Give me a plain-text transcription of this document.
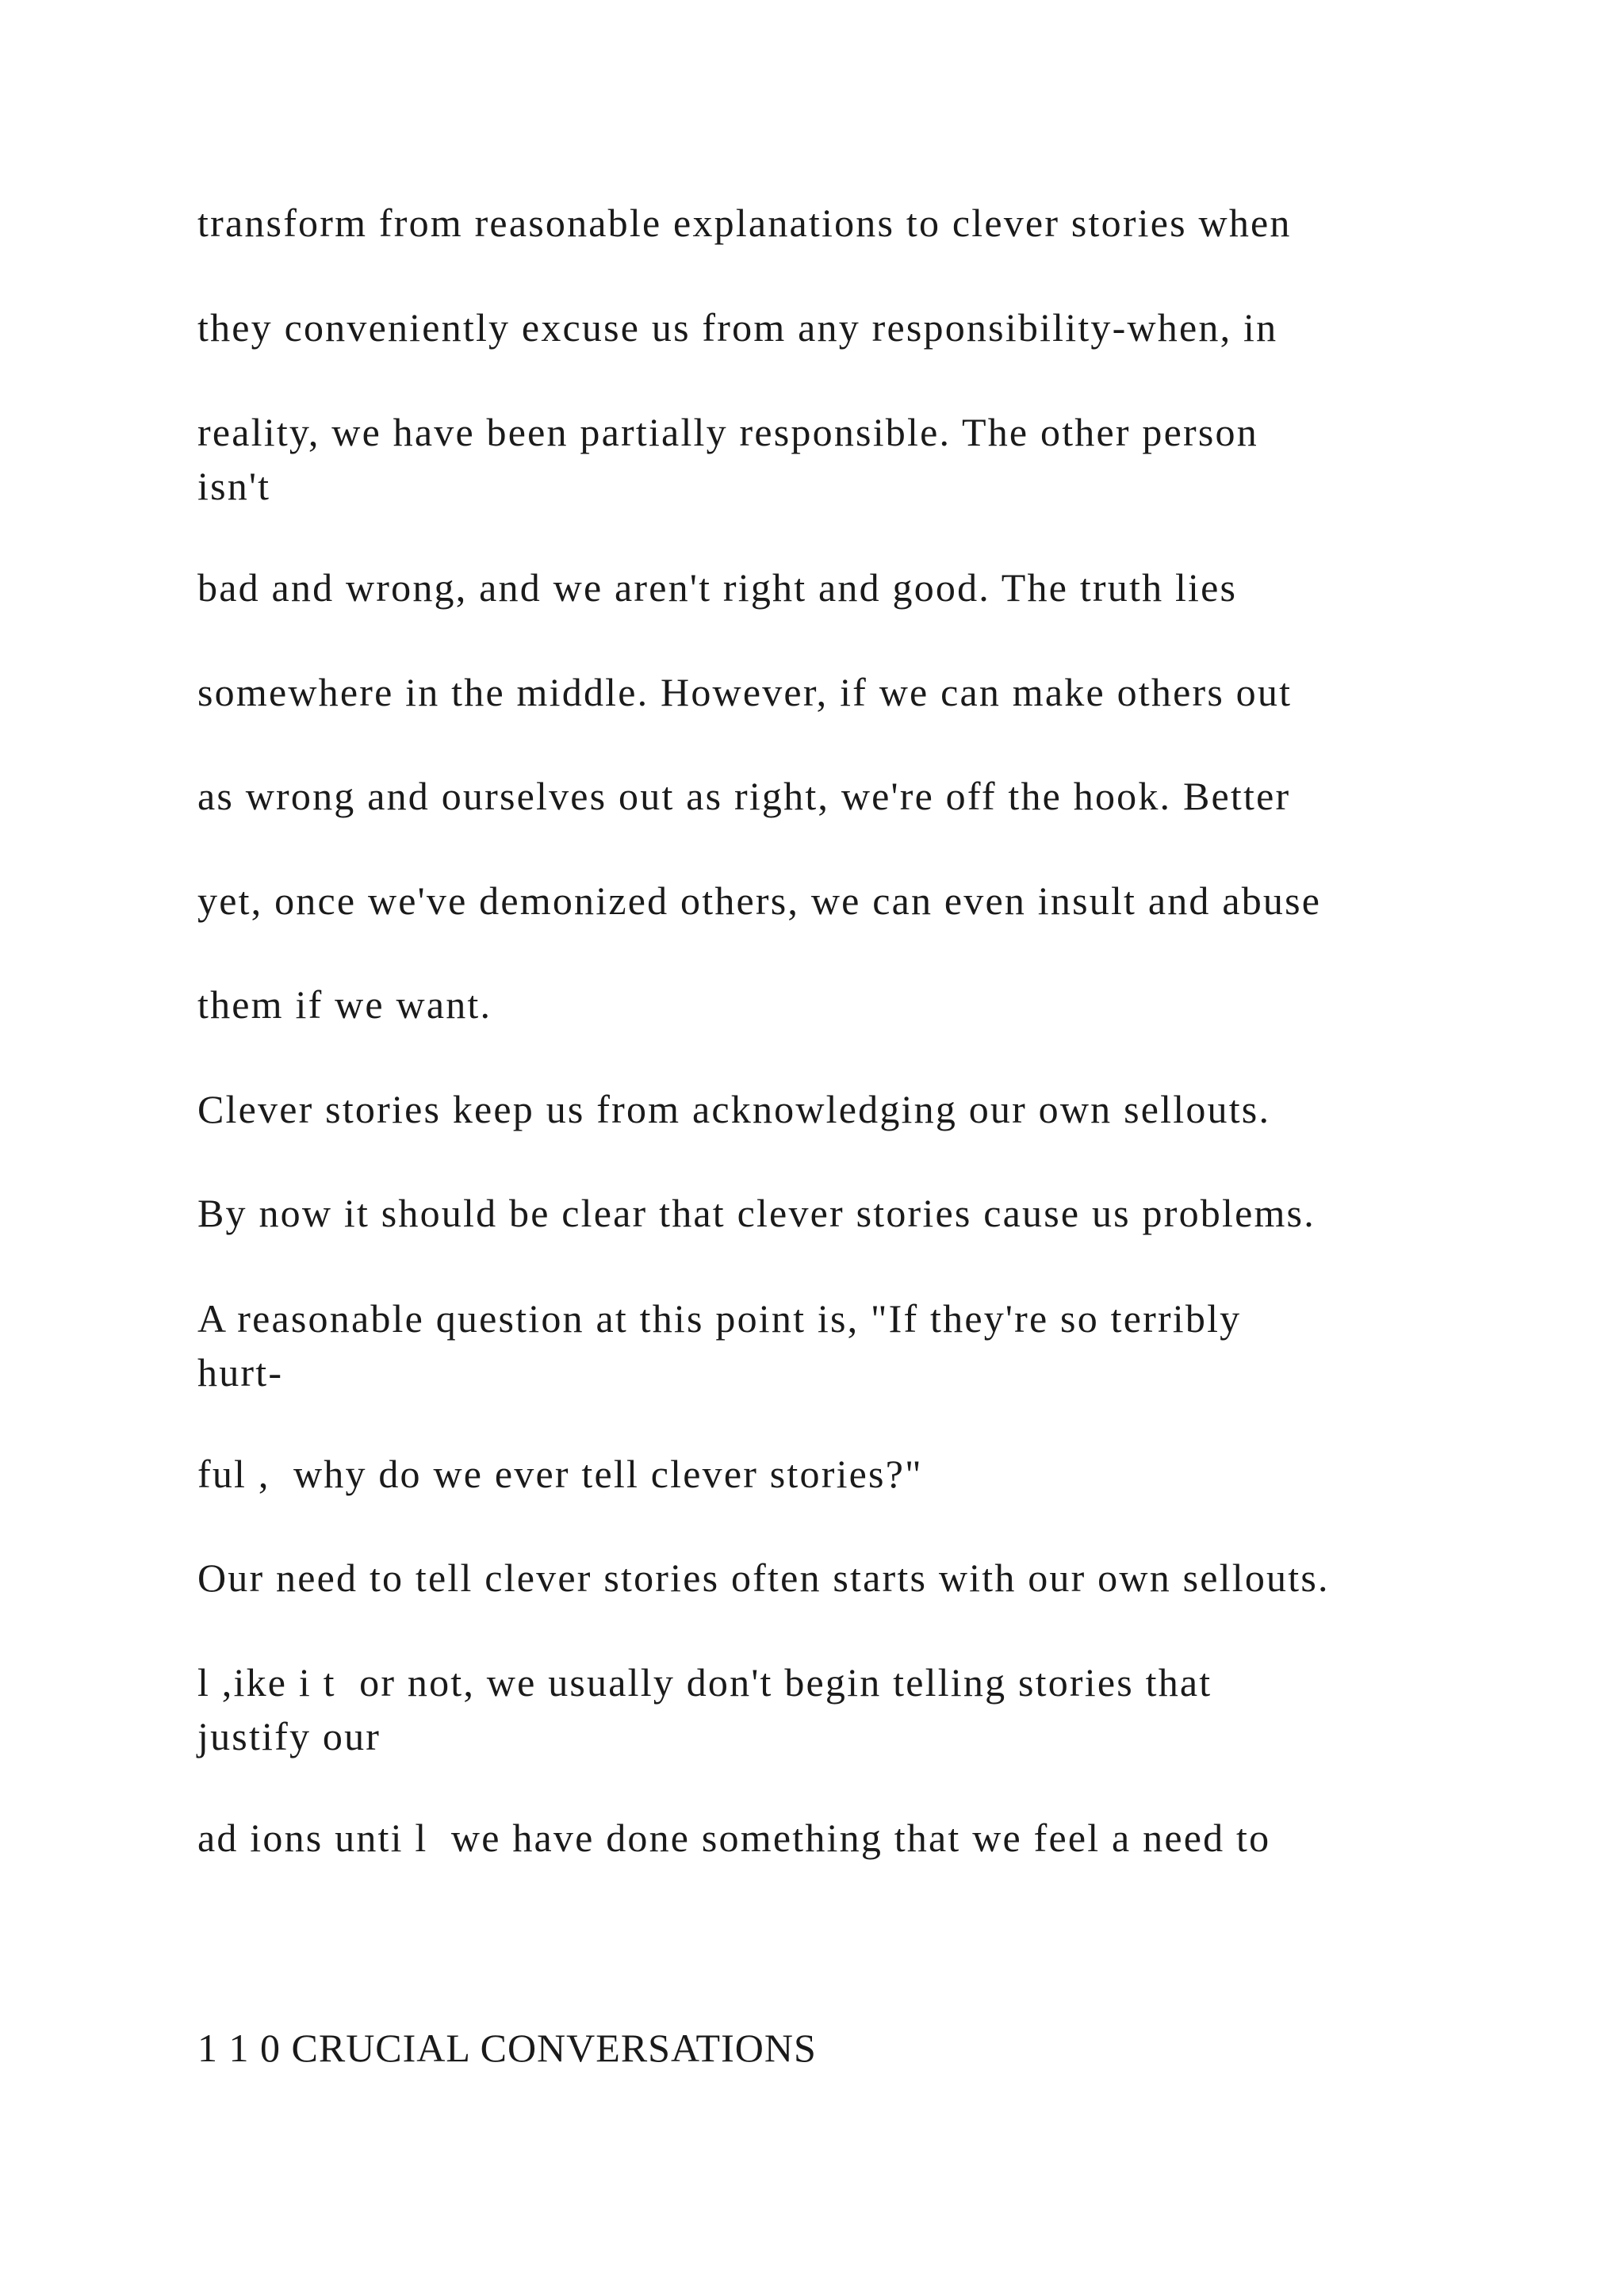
transform from reasonable explanations to clever stories when

they conveniently excuse us from any responsibility-when, in

reality, we have been partially responsible. The other person
isn't

bad and wrong, and we aren't right and good. The truth lies

somewhere in the middle. However, if we can make others out

as wrong and ourselves out as right, we're off the hook. Better

yet, once we've demonized others, we can even insult and abuse

them if we want.

Clever stories keep us from acknowledging our own sellouts.

By now it should be clear that clever stories cause us problems.

A reasonable question at this point is, "If they're so terribly
hurt-

ful ,  why do we ever tell clever stories?"

Our need to tell clever stories often starts with our own sellouts.

l ,ike i t  or not, we usually don't begin telling stories that
justify our

ad ions unti l  we have done something that we feel a need to

1 1 0 CRUCIAL CONVERSATIONS
